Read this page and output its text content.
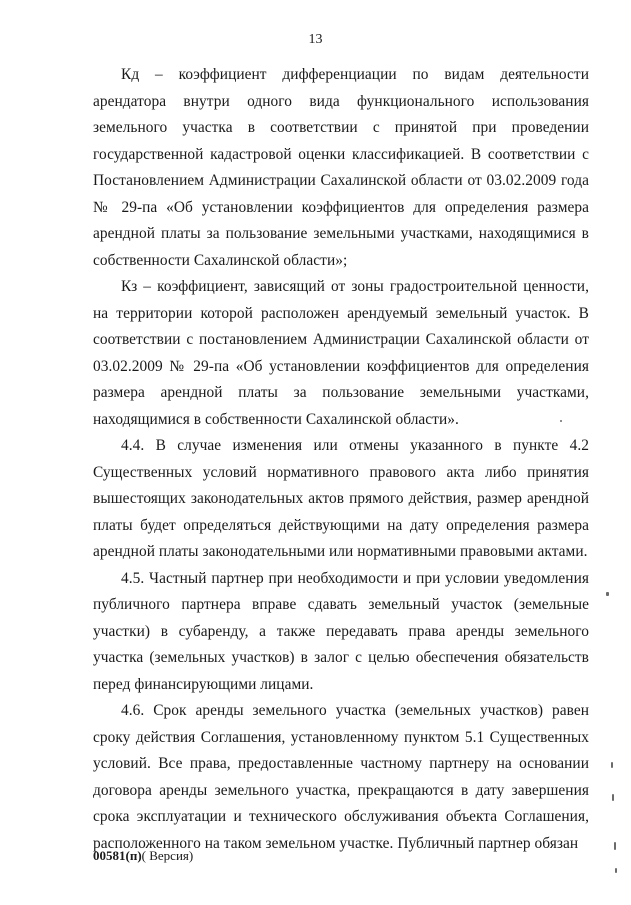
13

Кд – коэффициент дифференциации по видам деятельности арендатора внутри одного вида функционального использования земельного участка в соответствии с принятой при проведении государственной кадастровой оценки классификацией. В соответствии с Постановлением Администрации Сахалинской области от 03.02.2009 года № 29-па «Об установлении коэффициентов для определения размера арендной платы за пользование земельными участками, находящимися в собственности Сахалинской области»;

Кз – коэффициент, зависящий от зоны градостроительной ценности, на территории которой расположен арендуемый земельный участок. В соответствии с постановлением Администрации Сахалинской области от 03.02.2009 № 29-па «Об установлении коэффициентов для определения размера арендной платы за пользование земельными участками, находящимися в собственности Сахалинской области».

4.4. В случае изменения или отмены указанного в пункте 4.2 Существенных условий нормативного правового акта либо принятия вышестоящих законодательных актов прямого действия, размер арендной платы будет определяться действующими на дату определения размера арендной платы законодательными или нормативными правовыми актами.

4.5. Частный партнер при необходимости и при условии уведомления публичного партнера вправе сдавать земельный участок (земельные участки) в субаренду, а также передавать права аренды земельного участка (земельных участков) в залог с целью обеспечения обязательств перед финансирующими лицами.

4.6. Срок аренды земельного участка (земельных участков) равен сроку действия Соглашения, установленному пунктом 5.1 Существенных условий. Все права, предоставленные частному партнеру на основании договора аренды земельного участка, прекращаются в дату завершения срока эксплуатации и технического обслуживания объекта Соглашения, расположенного на таком земельном участке. Публичный партнер обязан

00581(п)( Версия)
